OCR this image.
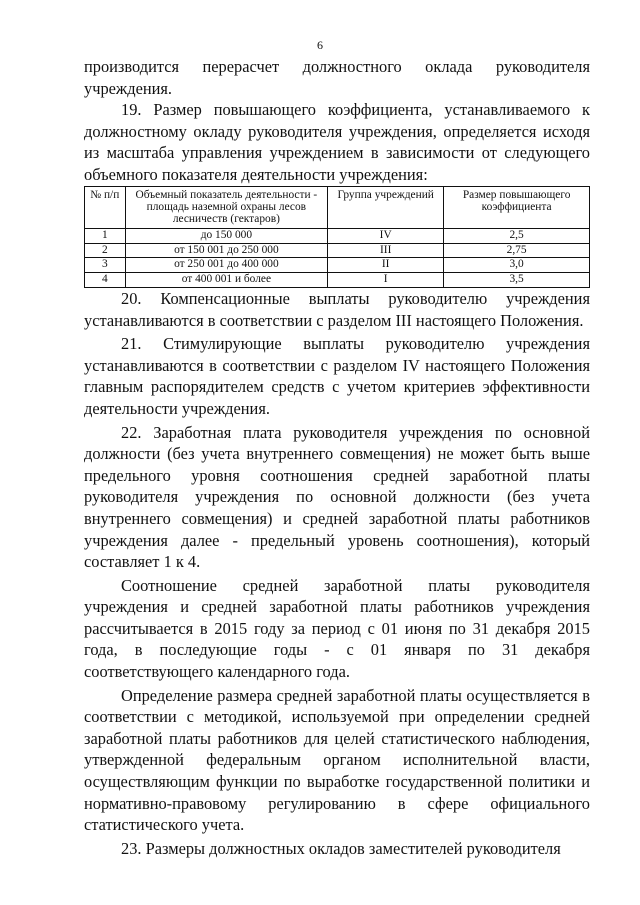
6

производится перерасчет должностного оклада руководителя учреждения.

19. Размер повышающего коэффициента, устанавливаемого к должностному окладу руководителя учреждения, определяется исходя из масштаба управления учреждением в зависимости от следующего объемного показателя деятельности учреждения:

№ п/п	Объемный показатель деятельности - площадь наземной охраны лесов лесничеств (гектаров)	Группа учреждений	Размер повышающего коэффициента
1	до 150 000	IV	2,5
2	от 150 001 до 250 000	III	2,75
3	от 250 001 до 400 000	II	3,0
4	от 400 001 и более	I	3,5

20. Компенсационные выплаты руководителю учреждения устанавливаются в соответствии с разделом III настоящего Положения.

21. Стимулирующие выплаты руководителю учреждения устанавливаются в соответствии с разделом IV настоящего Положения главным распорядителем средств с учетом критериев эффективности деятельности учреждения.

22. Заработная плата руководителя учреждения по основной должности (без учета внутреннего совмещения) не может быть выше предельного уровня соотношения средней заработной платы руководителя учреждения по основной должности (без учета внутреннего совмещения) и средней заработной платы работников учреждения далее - предельный уровень соотношения), который составляет 1 к 4.

Соотношение средней заработной платы руководителя учреждения и средней заработной платы работников учреждения рассчитывается в 2015 году за период с 01 июня по 31 декабря 2015 года, в последующие годы - с 01 января по 31 декабря соответствующего календарного года.

Определение размера средней заработной платы осуществляется в соответствии с методикой, используемой при определении средней заработной платы работников для целей статистического наблюдения, утвержденной федеральным органом исполнительной власти, осуществляющим функции по выработке государственной политики и нормативно-правовому регулированию в сфере официального статистического учета.

23. Размеры должностных окладов заместителей руководителя
